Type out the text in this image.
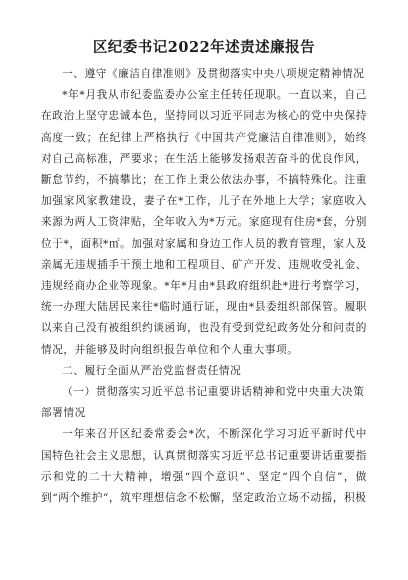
区纪委书记2022年述责述廉报告

一、遵守《廉洁自律准则》及贯彻落实中央八项规定精神情况

*年*月我从市纪委监委办公室主任转任现职。一直以来，自己在政治上坚守忠诚本色，坚持同以习近平同志为核心的党中央保持高度一致；在纪律上严格执行《中国共产党廉洁自律准则》，始终对自己高标准，严要求；在生活上能够发扬艰苦奋斗的优良作风，斷怠节约，不搞攀比；在工作上秉公依法办事，不搞特殊化。注重加强家风家教建设，妻子在*工作，儿子在外地上大学；家庭收入来源为两人工资津贴，全年收入为*万元。家庭现有住房*套，分别位于*，面积*㎡。加强对家属和身边工作人员的教育管理，家人及亲属无违规插手干预土地和工程项目、矿产开发、违规收受礼金、违规经商办企业等现象。*年*月由*县政府组织赴*进行考察学习，统一办理大陆居民来往*临时通行证，现由*县委组织部保管。履职以来自己没有被组织约谈函询，也没有受到党纪政务处分和问责的情况，并能够及时向组织报告单位和个人重大事项。

二、履行全面从严治党监督责任情况

（一）贯彻落实习近平总书记重要讲话精神和党中央重大决策部署情况

一年来召开区纪委常委会*次，不断深化学习习近平新时代中国特色社会主义思想，认真贯彻落实习近平总书记重要讲话重要指示和党的二十大精神，增强“四个意识”、坚定“四个自信”，做到“两个维护”，筑牢理想信念不松懈，坚定政治立场不动摇，积极
